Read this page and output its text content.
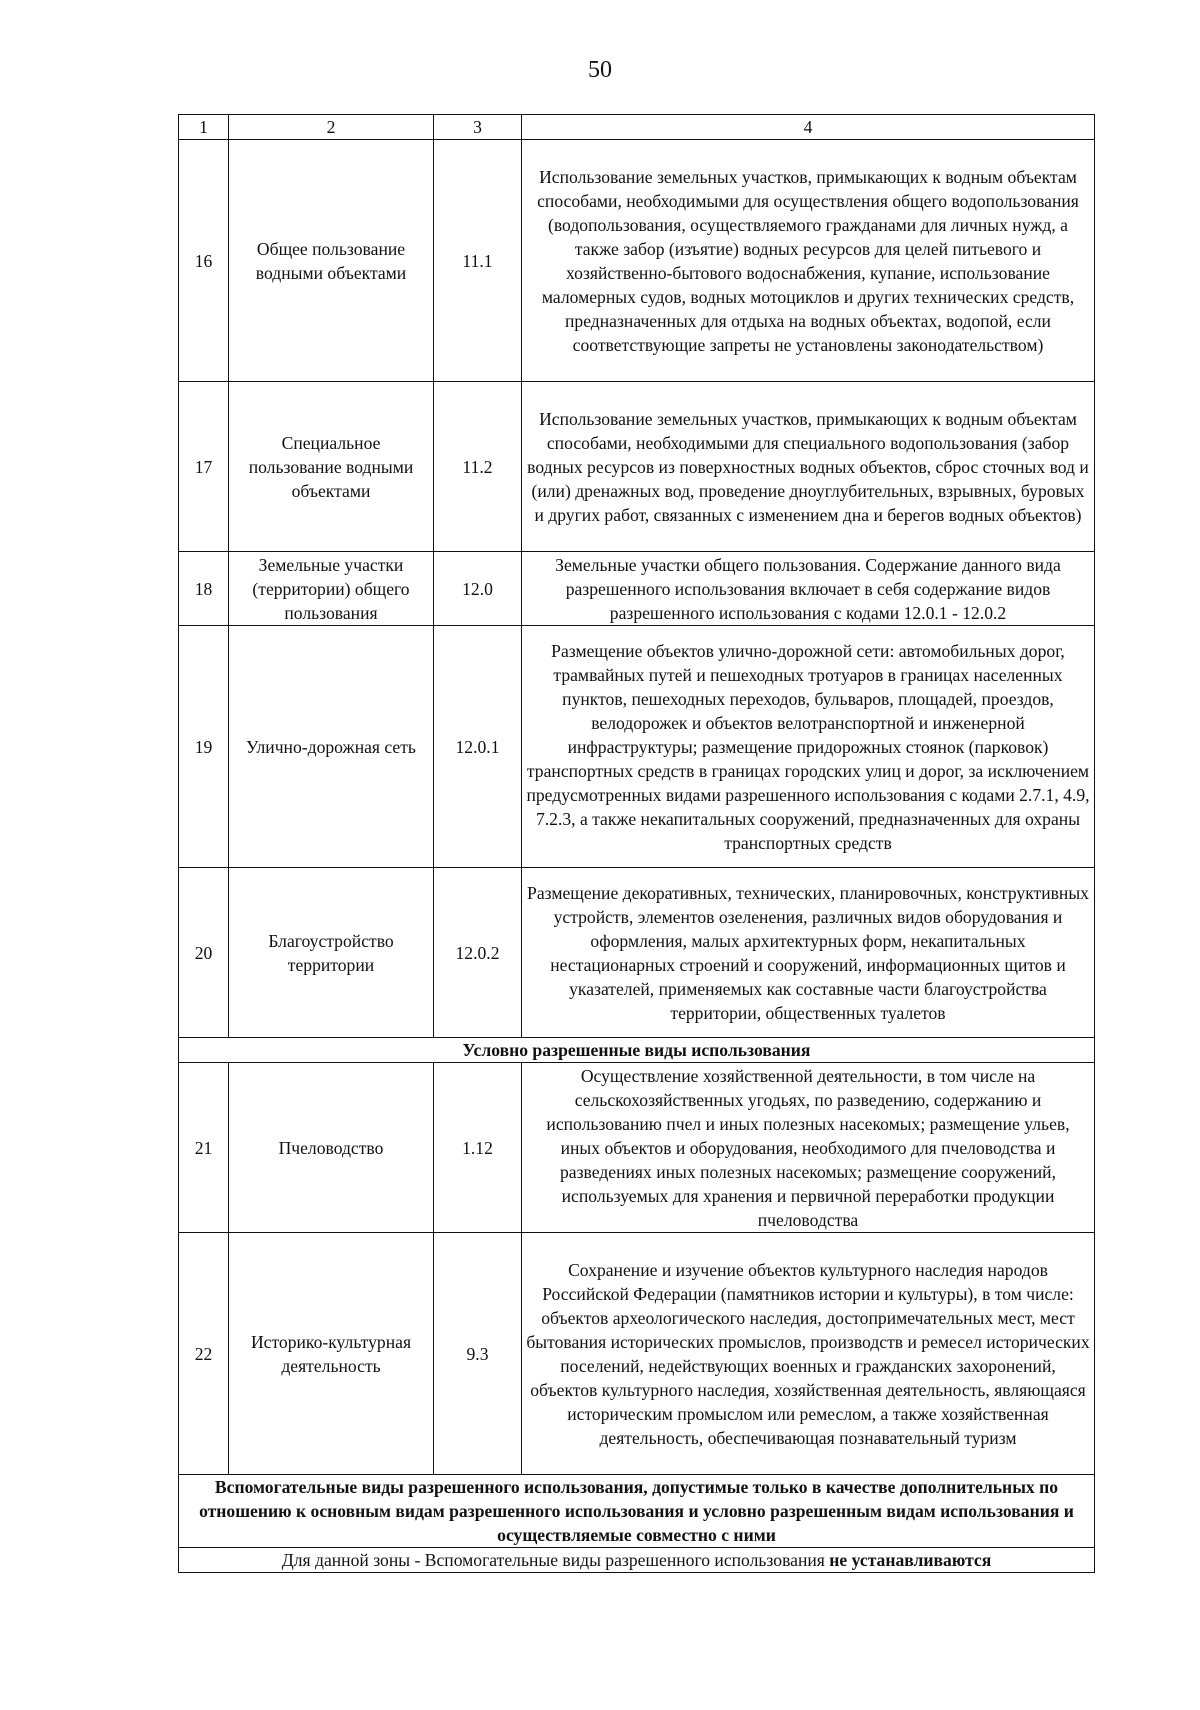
50
1	2	3	4
16	Общее пользование водными объектами	11.1	Использование земельных участков, примыкающих к водным объектам способами, необходимыми для осуществления общего водопользования (водопользования, осуществляемого гражданами для личных нужд, а также забор (изъятие) водных ресурсов для целей питьевого и хозяйственно-бытового водоснабжения, купание, использование маломерных судов, водных мотоциклов и других технических средств, предназначенных для отдыха на водных объектах, водопой, если соответствующие запреты не установлены законодательством)
17	Специальное пользование водными объектами	11.2	Использование земельных участков, примыкающих к водным объектам способами, необходимыми для специального водопользования (забор водных ресурсов из поверхностных водных объектов, сброс сточных вод и (или) дренажных вод, проведение дноуглубительных, взрывных, буровых и других работ, связанных с изменением дна и берегов водных объектов)
18	Земельные участки (территории) общего пользования	12.0	Земельные участки общего пользования. Содержание данного вида разрешенного использования включает в себя содержание видов разрешенного использования с кодами 12.0.1 - 12.0.2
19	Улично-дорожная сеть	12.0.1	Размещение объектов улично-дорожной сети: автомобильных дорог, трамвайных путей и пешеходных тротуаров в границах населенных пунктов, пешеходных переходов, бульваров, площадей, проездов, велодорожек и объектов велотранспортной и инженерной инфраструктуры; размещение придорожных стоянок (парковок) транспортных средств в границах городских улиц и дорог, за исключением предусмотренных видами разрешенного использования с кодами 2.7.1, 4.9, 7.2.3, а также некапитальных сооружений, предназначенных для охраны транспортных средств
20	Благоустройство территории	12.0.2	Размещение декоративных, технических, планировочных, конструктивных устройств, элементов озеленения, различных видов оборудования и оформления, малых архитектурных форм, некапитальных нестационарных строений и сооружений, информационных щитов и указателей, применяемых как составные части благоустройства территории, общественных туалетов
Условно разрешенные виды использования			
21	Пчеловодство	1.12	Осуществление хозяйственной деятельности, в том числе на сельскохозяйственных угодьях, по разведению, содержанию и использованию пчел и иных полезных насекомых; размещение ульев, иных объектов и оборудования, необходимого для пчеловодства и разведениях иных полезных насекомых; размещение сооружений, используемых для хранения и первичной переработки продукции пчеловодства
22	Историко-культурная деятельность	9.3	Сохранение и изучение объектов культурного наследия народов Российской Федерации (памятников истории и культуры), в том числе: объектов археологического наследия, достопримечательных мест, мест бытования исторических промыслов, производств и ремесел исторических поселений, недействующих военных и гражданских захоронений, объектов культурного наследия, хозяйственная деятельность, являющаяся историческим промыслом или ремеслом, а также хозяйственная деятельность, обеспечивающая познавательный туризм
Вспомогательные виды разрешенного использования, допустимые только в качестве дополнительных по отношению к основным видам разрешенного использования и условно разрешенным видам использования и осуществляемые совместно с ними			
Для данной зоны - Вспомогательные виды разрешенного использования не устанавливаются			
